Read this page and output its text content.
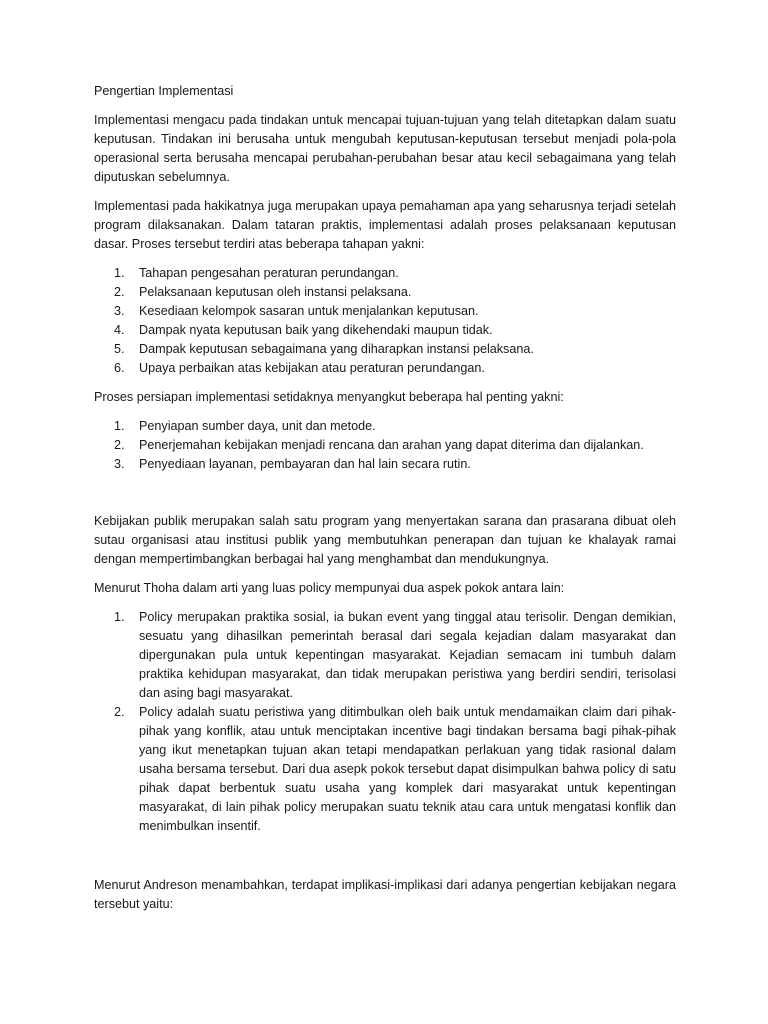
Pengertian Implementasi

Implementasi mengacu pada tindakan untuk mencapai tujuan-tujuan yang telah ditetapkan dalam suatu keputusan. Tindakan ini berusaha untuk mengubah keputusan-keputusan tersebut menjadi pola-pola operasional serta berusaha mencapai perubahan-perubahan besar atau kecil sebagaimana yang telah diputuskan sebelumnya.

Implementasi pada hakikatnya juga merupakan upaya pemahaman apa yang seharusnya terjadi setelah program dilaksanakan. Dalam tataran praktis, implementasi adalah proses pelaksanaan keputusan dasar. Proses tersebut terdiri atas beberapa tahapan yakni:

1. Tahapan pengesahan peraturan perundangan.
2. Pelaksanaan keputusan oleh instansi pelaksana.
3. Kesediaan kelompok sasaran untuk menjalankan keputusan.
4. Dampak nyata keputusan baik yang dikehendaki maupun tidak.
5. Dampak keputusan sebagaimana yang diharapkan instansi pelaksana.
6. Upaya perbaikan atas kebijakan atau peraturan perundangan.

Proses persiapan implementasi setidaknya menyangkut beberapa hal penting yakni:

1. Penyiapan sumber daya, unit dan metode.
2. Penerjemahan kebijakan menjadi rencana dan arahan yang dapat diterima dan dijalankan.
3. Penyediaan layanan, pembayaran dan hal lain secara rutin.

Kebijakan publik merupakan salah satu program yang menyertakan sarana dan prasarana dibuat oleh sutau organisasi atau institusi publik yang membutuhkan penerapan dan tujuan ke khalayak ramai dengan mempertimbangkan berbagai hal yang menghambat dan mendukungnya.

Menurut Thoha dalam arti yang luas policy mempunyai dua aspek pokok antara lain:

1. Policy merupakan praktika sosial, ia bukan event yang tinggal atau terisolir. Dengan demikian, sesuatu yang dihasilkan pemerintah berasal dari segala kejadian dalam masyarakat dan dipergunakan pula untuk kepentingan masyarakat. Kejadian semacam ini tumbuh dalam praktika kehidupan masyarakat, dan tidak merupakan peristiwa yang berdiri sendiri, terisolasi dan asing bagi masyarakat.
2. Policy adalah suatu peristiwa yang ditimbulkan oleh baik untuk mendamaikan claim dari pihak-pihak yang konflik, atau untuk menciptakan incentive bagi tindakan bersama bagi pihak-pihak yang ikut menetapkan tujuan akan tetapi mendapatkan perlakuan yang tidak rasional dalam usaha bersama tersebut. Dari dua asepk pokok tersebut dapat disimpulkan bahwa policy di satu pihak dapat berbentuk suatu usaha yang komplek dari masyarakat untuk kepentingan masyarakat, di lain pihak policy merupakan suatu teknik atau cara untuk mengatasi konflik dan menimbulkan insentif.

Menurut Andreson menambahkan, terdapat implikasi-implikasi dari adanya pengertian kebijakan negara tersebut yaitu:
